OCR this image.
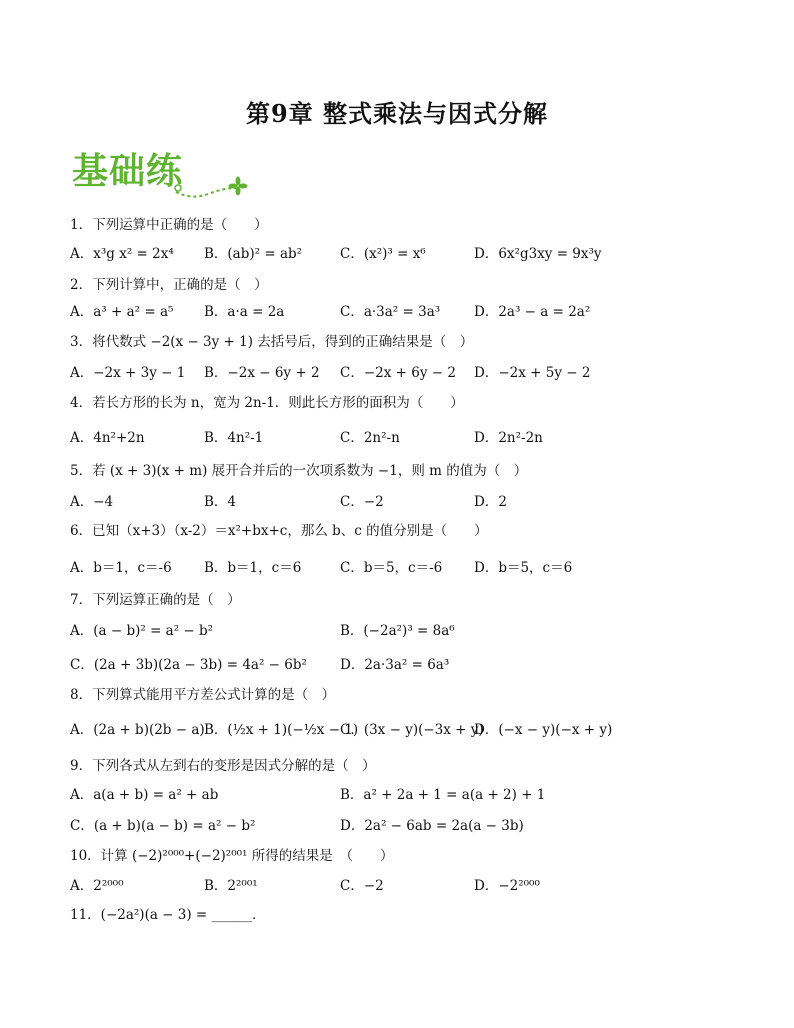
第9章 整式乘法与因式分解
基础练
1．下列运算中正确的是（　　）
A．x³g x² = 2x⁴ B．(ab)² = ab²	C．(x²)³ = x⁶	D．6x²g3xy = 9x³y
2．下列计算中，正确的是（　）
A．a³ + a² = a⁵ B．a·a = 2a	C．a·3a² = 3a³	D．2a³ − a = 2a²
3．将代数式 −2(x − 3y + 1) 去括号后，得到的正确结果是（　）
A．−2x + 3y − 1 B．−2x − 6y + 2 C．−2x + 6y − 2 D．−2x + 5y − 2
4．若长方形的长为 n，宽为 2n-1．则此长方形的面积为（　　）
A．4n²+2n	B．4n²-1	C．2n²-n	D．2n²-2n
5．若 (x + 3)(x + m) 展开合并后的一次项系数为 −1，则 m 的值为（　）
A．−4	B．4	C．−2	D．2
6．已知（x+3）（x-2）＝x²+bx+c，那么 b、c 的值分别是（　　）
A．b＝1，c＝-6 B．b＝1，c＝6	C．b＝5，c＝-6 D．b＝5，c＝6
7．下列运算正确的是（　）
A．(a − b)² = a² − b²	B．(−2a²)³ = 8a⁶
C．(2a + 3b)(2a − 3b) = 4a² − 6b² D．2a·3a² = 6a³
8．下列算式能用平方差公式计算的是（　）
A．(2a + b)(2b − a) B．(½x + 1)(−½x − 1)
C．(3x − y)(−3x + y)
D．(−x − y)(−x + y)
9．下列各式从左到右的变形是因式分解的是（　）
A．a(a + b) = a² + ab	B．a² + 2a + 1 = a(a + 2) + 1
C．(a + b)(a − b) = a² − b²	D．2a² − 6ab = 2a(a − 3b)
10．计算 (−2)²⁰⁰⁰+(−2)²⁰⁰¹ 所得的结果是　（　　）
A．2²⁰⁰⁰	B．2²⁰⁰¹	C．−2	D．−2²⁰⁰⁰
11．(−2a²)(a − 3) = ______．
